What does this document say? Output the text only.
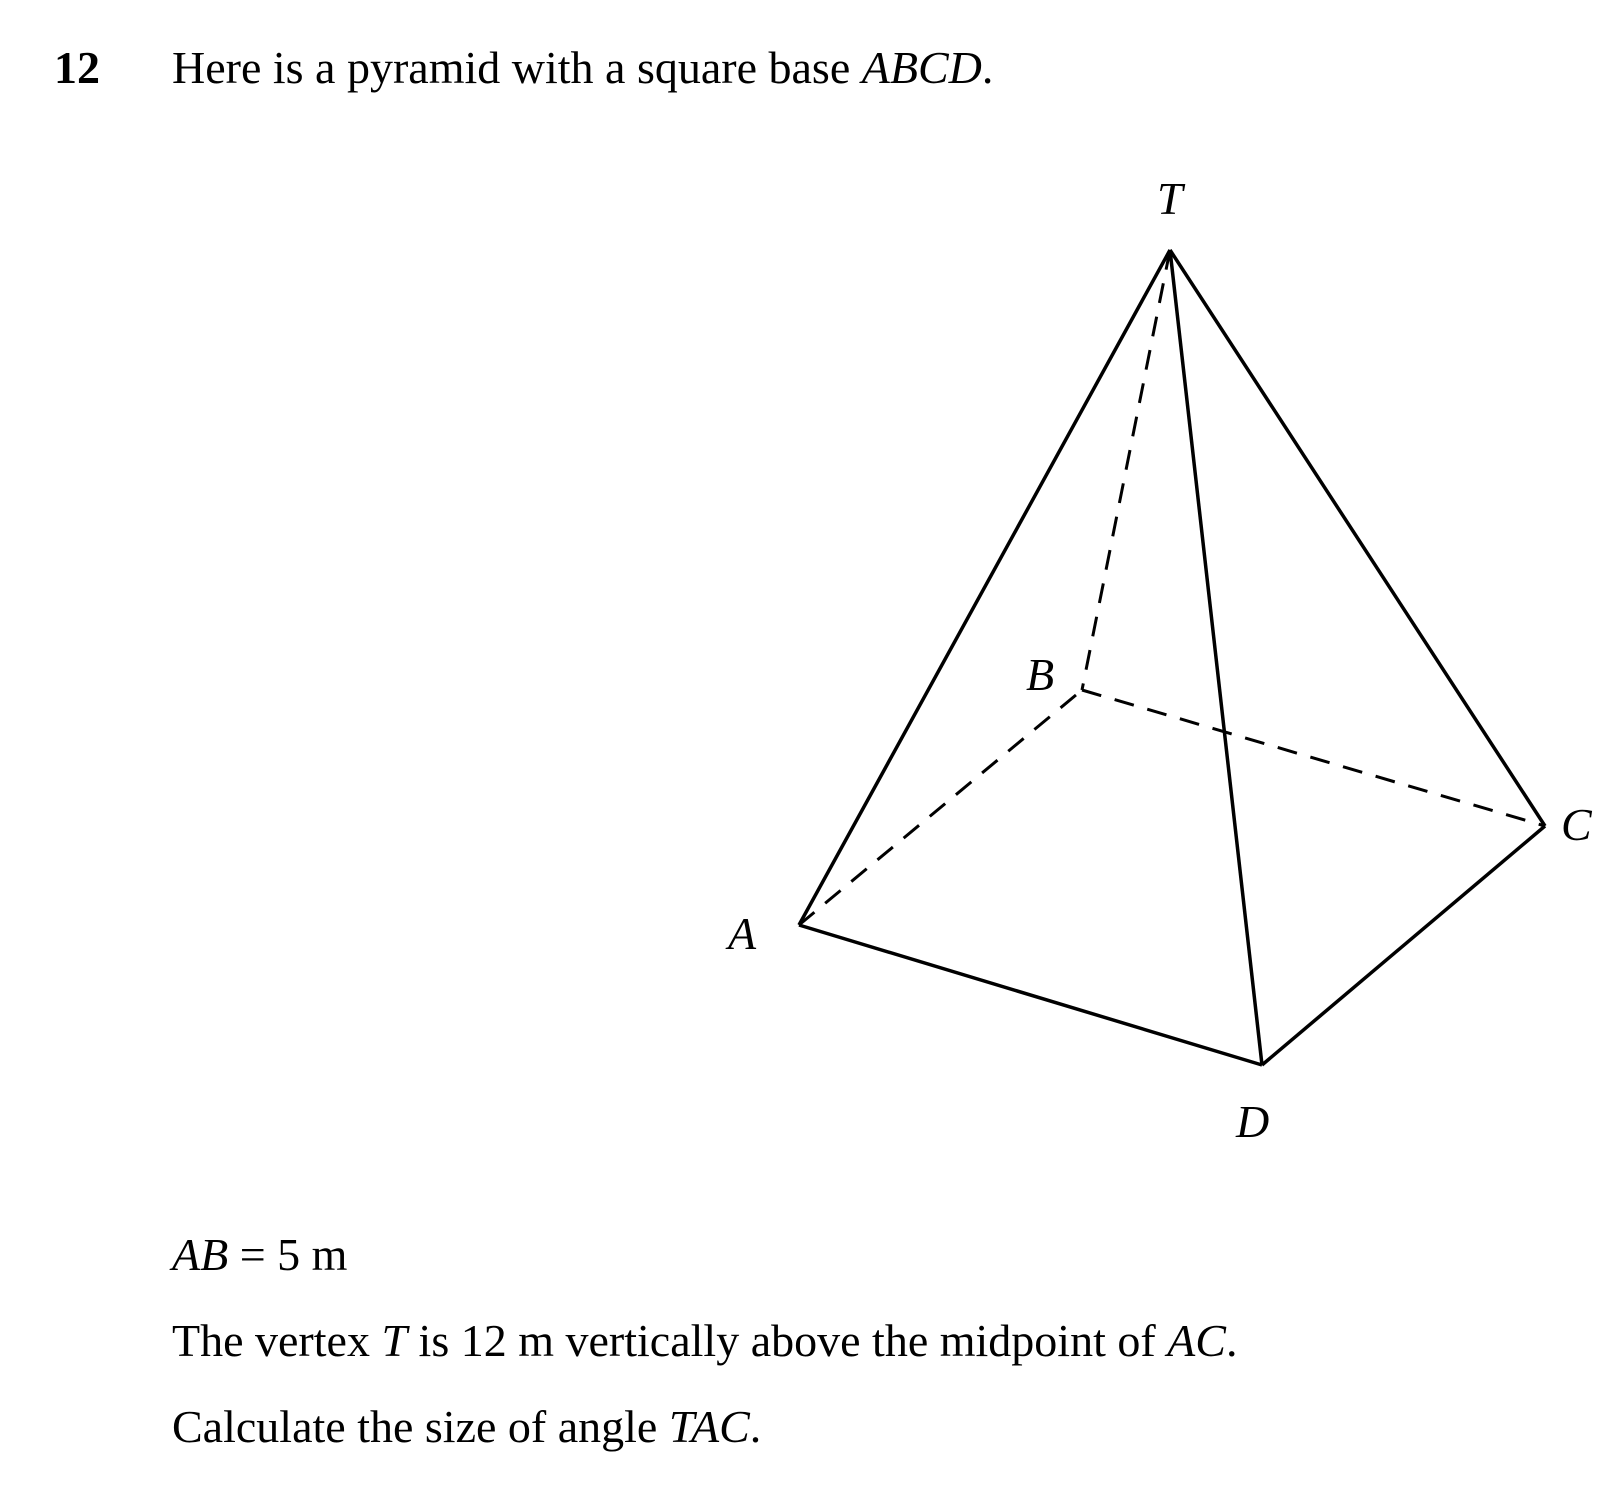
12 Here is a pyramid with a square base ABCD.
T
B
C
A
D
AB = 5 m
The vertex T is 12 m vertically above the midpoint of AC.
Calculate the size of angle TAC.
